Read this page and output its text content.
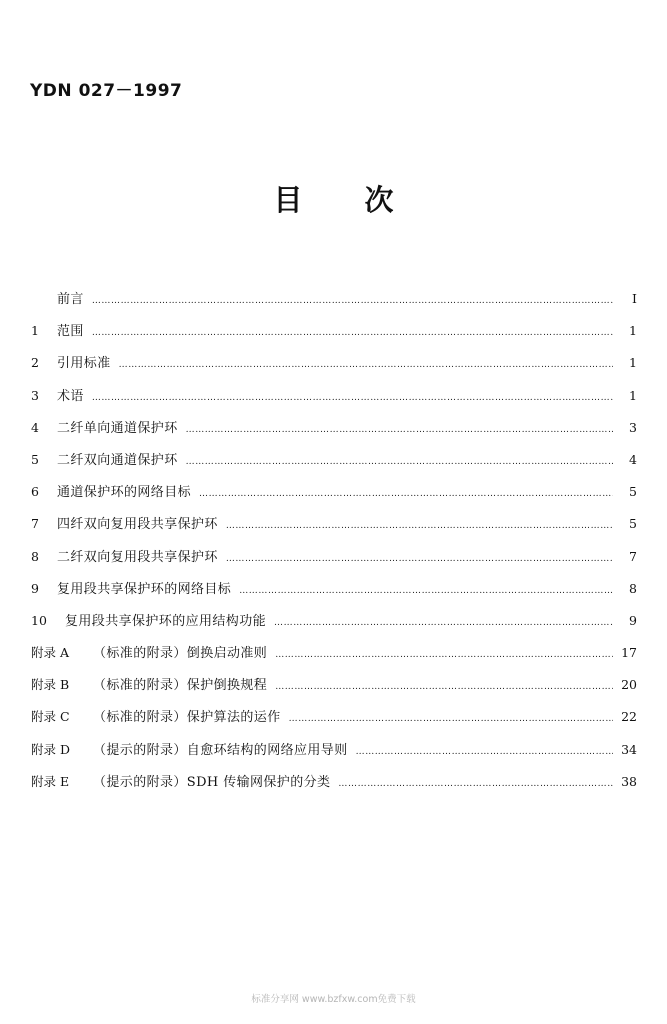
YDN 027－1997

目次
前言 ………………………………………………………………………………………………………………………………………………………………………………………………………………………………………………………………………	I
1	范围 ………………………………………………………………………………………………………………………………………………………………………………………………………………………………………………………………………	1
2	引用标准 ………………………………………………………………………………………………………………………………………………………………………………………………………………………………………………………………………	1
3	术语 ………………………………………………………………………………………………………………………………………………………………………………………………………………………………………………………………………	1
4	二纤单向通道保护环 ………………………………………………………………………………………………………………………………………………………………………………………………………………………………………………………………………	3
5	二纤双向通道保护环 ………………………………………………………………………………………………………………………………………………………………………………………………………………………………………………………………………	4
6	通道保护环的网络目标 ………………………………………………………………………………………………………………………………………………………………………………………………………………………………………………………………………	5
7	四纤双向复用段共享保护环 ………………………………………………………………………………………………………………………………………………………………………………………………………………………………………………………………………	5
8	二纤双向复用段共享保护环 ………………………………………………………………………………………………………………………………………………………………………………………………………………………………………………………………………	7
9	复用段共享保护环的网络目标 ………………………………………………………………………………………………………………………………………………………………………………………………………………………………………………………………………	8
10	复用段共享保护环的应用结构功能 ………………………………………………………………………………………………………………………………………………………………………………………………………………………………………………………………………	9
附录 A	（标准的附录）倒换启动准则 ………………………………………………………………………………………………………………………………………………………………………………………………………………………………………………………………………	17
附录 B	（标准的附录）保护倒换规程 ………………………………………………………………………………………………………………………………………………………………………………………………………………………………………………………………………	20
附录 C	（标准的附录）保护算法的运作 ………………………………………………………………………………………………………………………………………………………………………………………………………………………………………………………………………	22
附录 D	（提示的附录）自愈环结构的网络应用导则 ………………………………………………………………………………………………………………………………………………………………………………………………………………………………………………………………………	34
附录 E	（提示的附录）SDH 传输网保护的分类 ………………………………………………………………………………………………………………………………………………………………………………………………………………………………………………………………………	38

标准分享网 www.bzfxw.com免费下载
